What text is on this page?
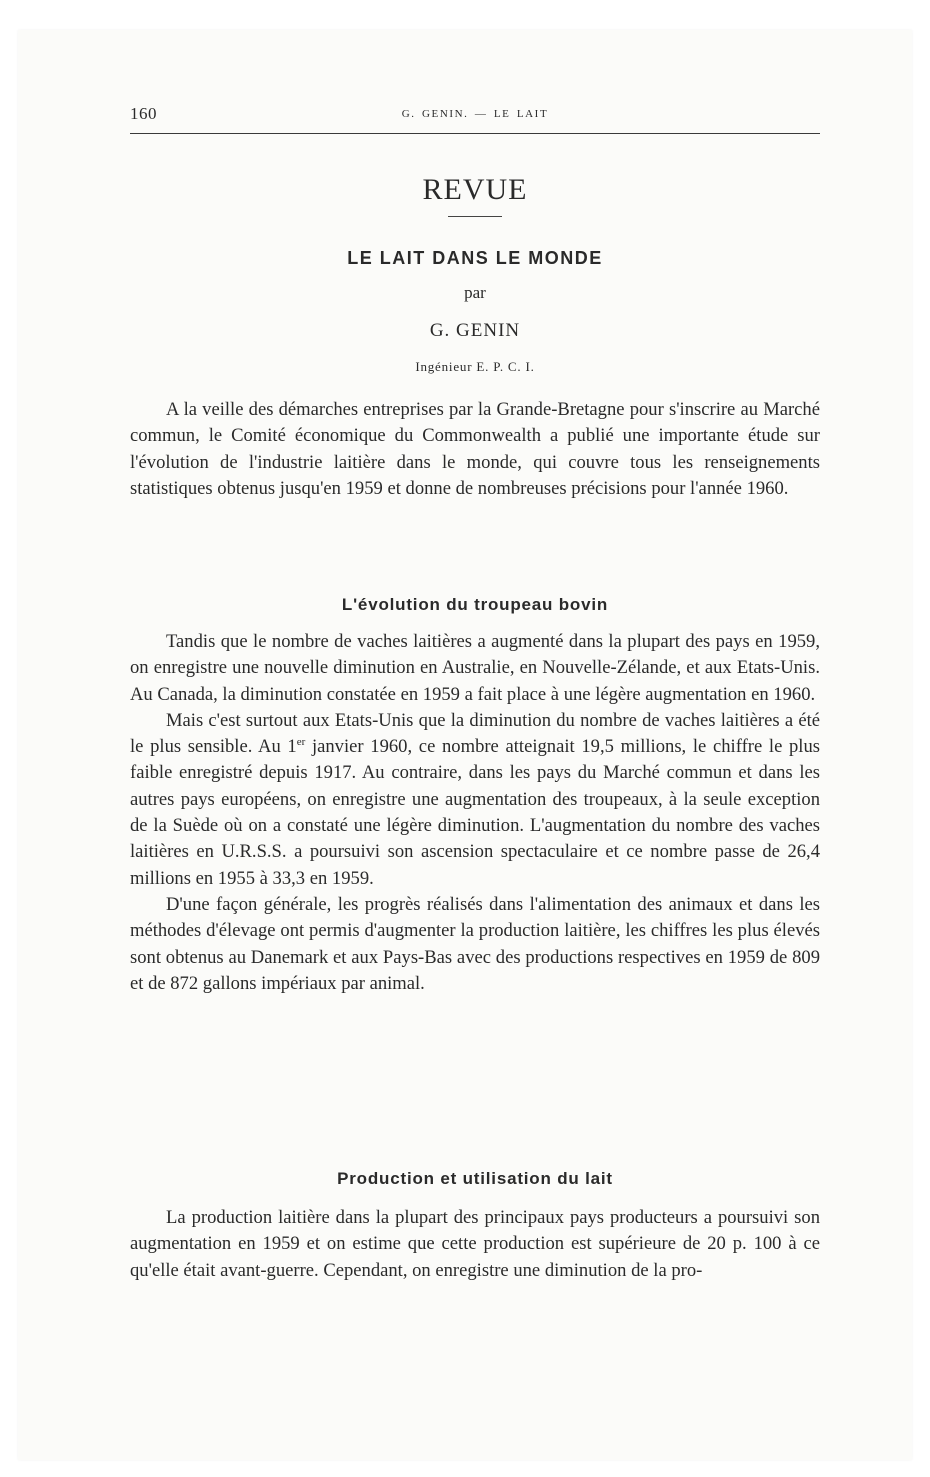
160	G. GENIN. — LE LAIT
REVUE
LE LAIT DANS LE MONDE
par
G. GENIN
Ingénieur E. P. C. I.

A la veille des démarches entreprises par la Grande-Bretagne pour s'inscrire au Marché commun, le Comité économique du Commonwealth a publié une importante étude sur l'évolution de l'industrie laitière dans le monde, qui couvre tous les renseignements statistiques obtenus jusqu'en 1959 et donne de nombreuses précisions pour l'année 1960.

L'évolution du troupeau bovin

Tandis que le nombre de vaches laitières a augmenté dans la plupart des pays en 1959, on enregistre une nouvelle diminution en Australie, en Nouvelle-Zélande, et aux Etats-Unis. Au Canada, la diminution constatée en 1959 a fait place à une légère augmentation en 1960.

Mais c'est surtout aux Etats-Unis que la diminution du nombre de vaches laitières a été le plus sensible. Au 1er janvier 1960, ce nombre atteignait 19,5 millions, le chiffre le plus faible enregistré depuis 1917. Au contraire, dans les pays du Marché commun et dans les autres pays européens, on enregistre une augmentation des troupeaux, à la seule exception de la Suède où on a constaté une légère diminution. L'augmentation du nombre des vaches laitières en U.R.S.S. a poursuivi son ascension spectaculaire et ce nombre passe de 26,4 millions en 1955 à 33,3 en 1959.

D'une façon générale, les progrès réalisés dans l'alimentation des animaux et dans les méthodes d'élevage ont permis d'augmenter la production laitière, les chiffres les plus élevés sont obtenus au Danemark et aux Pays-Bas avec des productions respectives en 1959 de 809 et de 872 gallons impériaux par animal.

Production et utilisation du lait

La production laitière dans la plupart des principaux pays producteurs a poursuivi son augmentation en 1959 et on estime que cette production est supérieure de 20 p. 100 à ce qu'elle était avant-guerre. Cependant, on enregistre une diminution de la pro-
